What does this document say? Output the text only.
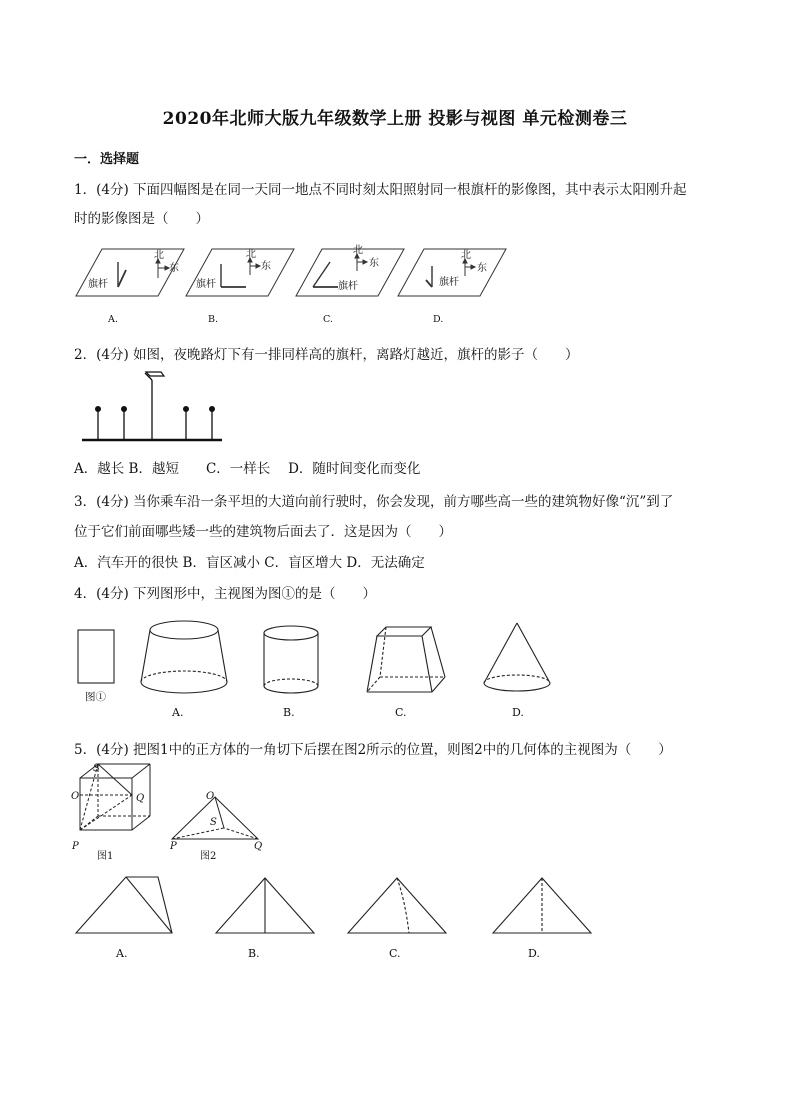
2020年北师大版九年级数学上册 投影与视图 单元检测卷三
一．选择题
1．(4分) 下面四幅图是在同一天同一地点不同时刻太阳照射同一根旗杆的影像图，其中表示太阳刚升起
时的影像图是（　　）
北
东
旗杆
北
东
旗杆
北
东
旗杆
北
东
旗杆
A.	B.	C.	D.
2．(4分) 如图，夜晚路灯下有一排同样高的旗杆，离路灯越近，旗杆的影子（　　）
A．越长 B．越短　　C．一样长　 D．随时间变化而变化
3．(4分) 当你乘车沿一条平坦的大道向前行驶时，你会发现，前方哪些高一些的建筑物好像“沉”到了
位于它们前面哪些矮一些的建筑物后面去了．这是因为（　　）
A．汽车开的很快 B．盲区减小 C．盲区增大 D．无法确定
4．(4分) 下列图形中，主视图为图①的是（　　）
图①
A.	B.	C.	D.
5．(4分) 把图1中的正方体的一角切下后摆在图2所示的位置，则图2中的几何体的主视图为（　　）
S
O	Q
P
O
S
P	Q
图1	图2
A.	B.	C.	D.
